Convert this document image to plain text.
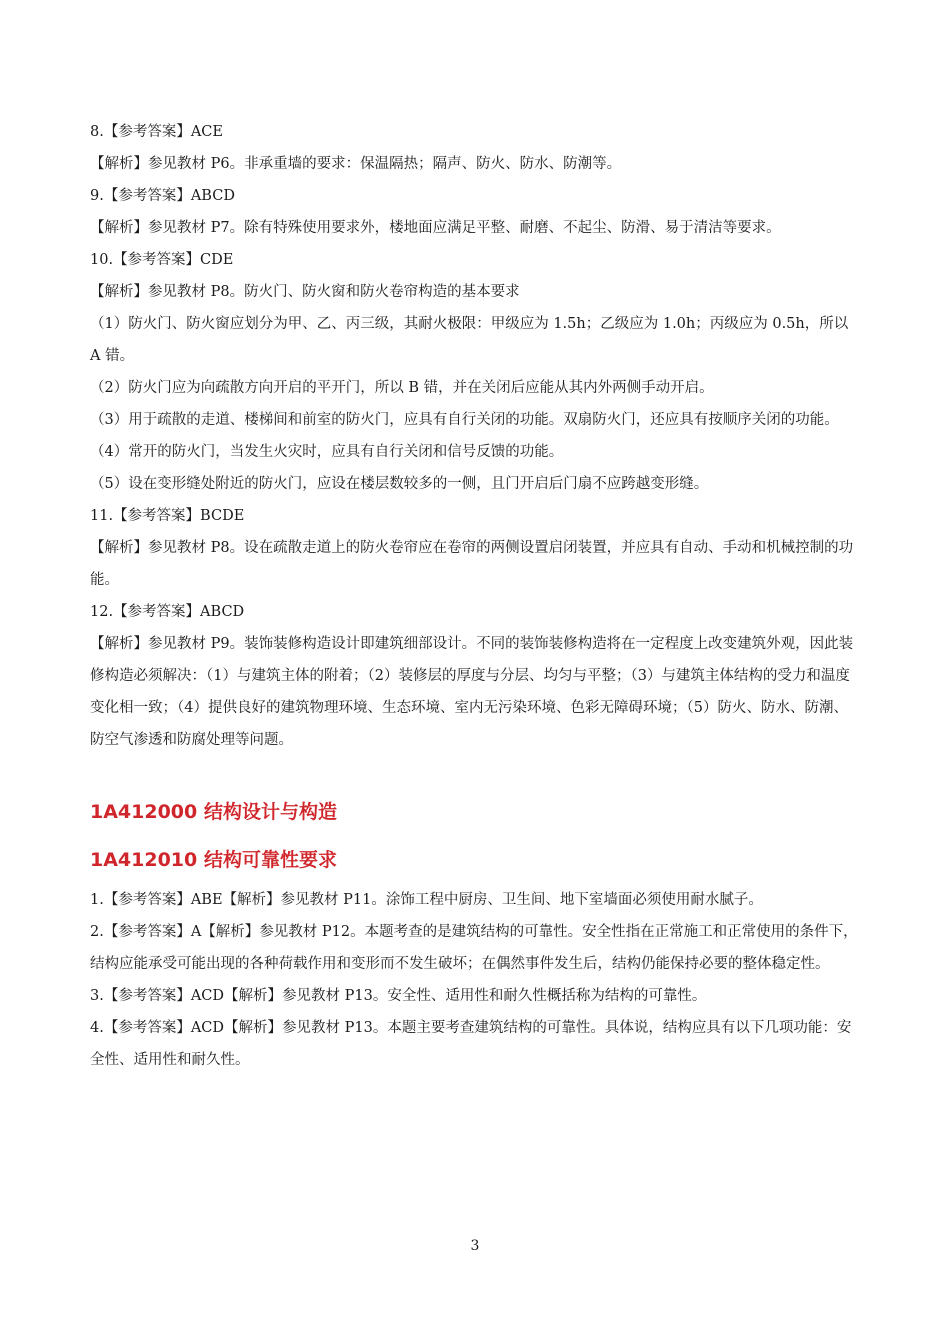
8.【参考答案】ACE

【解析】参见教材 P6。非承重墙的要求：保温隔热；隔声、防火、防水、防潮等。

9.【参考答案】ABCD

【解析】参见教材 P7。除有特殊使用要求外，楼地面应满足平整、耐磨、不起尘、防滑、易于清洁等要求。

10.【参考答案】CDE

【解析】参见教材 P8。防火门、防火窗和防火卷帘构造的基本要求

（1）防火门、防火窗应划分为甲、乙、丙三级，其耐火极限：甲级应为 1.5h；乙级应为 1.0h；丙级应为 0.5h，所以 A 错。

（2）防火门应为向疏散方向开启的平开门，所以 B 错，并在关闭后应能从其内外两侧手动开启。

（3）用于疏散的走道、楼梯间和前室的防火门，应具有自行关闭的功能。双扇防火门，还应具有按顺序关闭的功能。

（4）常开的防火门，当发生火灾时，应具有自行关闭和信号反馈的功能。

（5）设在变形缝处附近的防火门，应设在楼层数较多的一侧，且门开启后门扇不应跨越变形缝。

11.【参考答案】BCDE

【解析】参见教材 P8。设在疏散走道上的防火卷帘应在卷帘的两侧设置启闭装置，并应具有自动、手动和机械控制的功能。

12.【参考答案】ABCD

【解析】参见教材 P9。装饰装修构造设计即建筑细部设计。不同的装饰装修构造将在一定程度上改变建筑外观，因此装修构造必须解决：（1）与建筑主体的附着；（2）装修层的厚度与分层、均匀与平整；（3）与建筑主体结构的受力和温度变化相一致；（4）提供良好的建筑物理环境、生态环境、室内无污染环境、色彩无障碍环境；（5）防火、防水、防潮、防空气渗透和防腐处理等问题。

1A412000 结构设计与构造
1A412010 结构可靠性要求

1.【参考答案】ABE【解析】参见教材 P11。涂饰工程中厨房、卫生间、地下室墙面必须使用耐水腻子。

2.【参考答案】A【解析】参见教材 P12。本题考查的是建筑结构的可靠性。安全性指在正常施工和正常使用的条件下，结构应能承受可能出现的各种荷载作用和变形而不发生破坏；在偶然事件发生后，结构仍能保持必要的整体稳定性。

3.【参考答案】ACD【解析】参见教材 P13。安全性、适用性和耐久性概括称为结构的可靠性。

4.【参考答案】ACD【解析】参见教材 P13。本题主要考查建筑结构的可靠性。具体说，结构应具有以下几项功能：安全性、适用性和耐久性。

3
